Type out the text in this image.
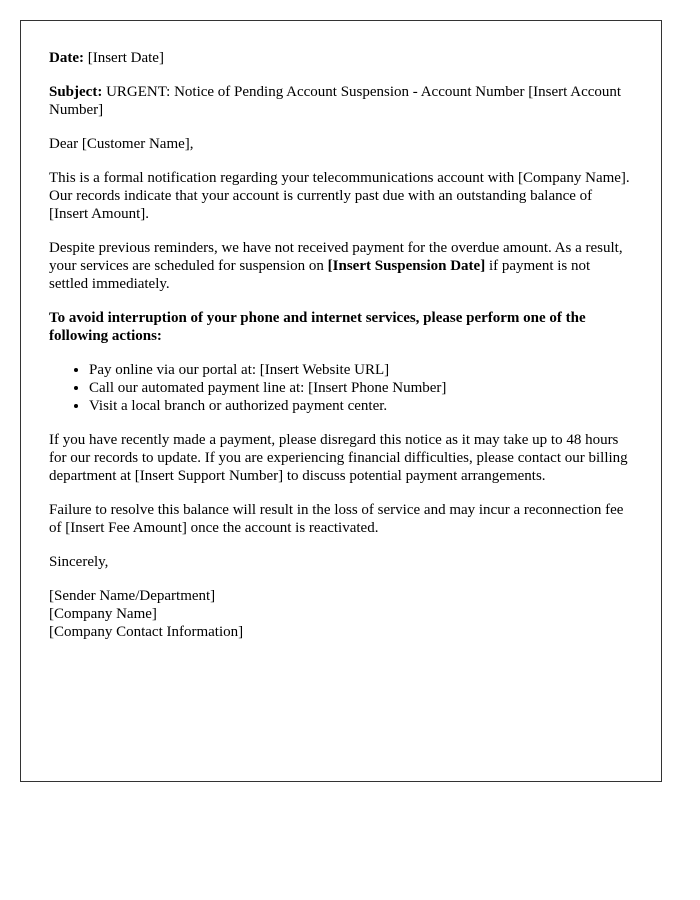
Date: [Insert Date]

Subject: URGENT: Notice of Pending Account Suspension - Account Number [Insert Account Number]

Dear [Customer Name],

This is a formal notification regarding your telecommunications account with [Company Name]. Our records indicate that your account is currently past due with an outstanding balance of [Insert Amount].

Despite previous reminders, we have not received payment for the overdue amount. As a result, your services are scheduled for suspension on [Insert Suspension Date] if payment is not settled immediately.

To avoid interruption of your phone and internet services, please perform one of the following actions:

• Pay online via our portal at: [Insert Website URL]
• Call our automated payment line at: [Insert Phone Number]
• Visit a local branch or authorized payment center.

If you have recently made a payment, please disregard this notice as it may take up to 48 hours for our records to update. If you are experiencing financial difficulties, please contact our billing department at [Insert Support Number] to discuss potential payment arrangements.

Failure to resolve this balance will result in the loss of service and may incur a reconnection fee of [Insert Fee Amount] once the account is reactivated.

Sincerely,

[Sender Name/Department]
[Company Name]
[Company Contact Information]
